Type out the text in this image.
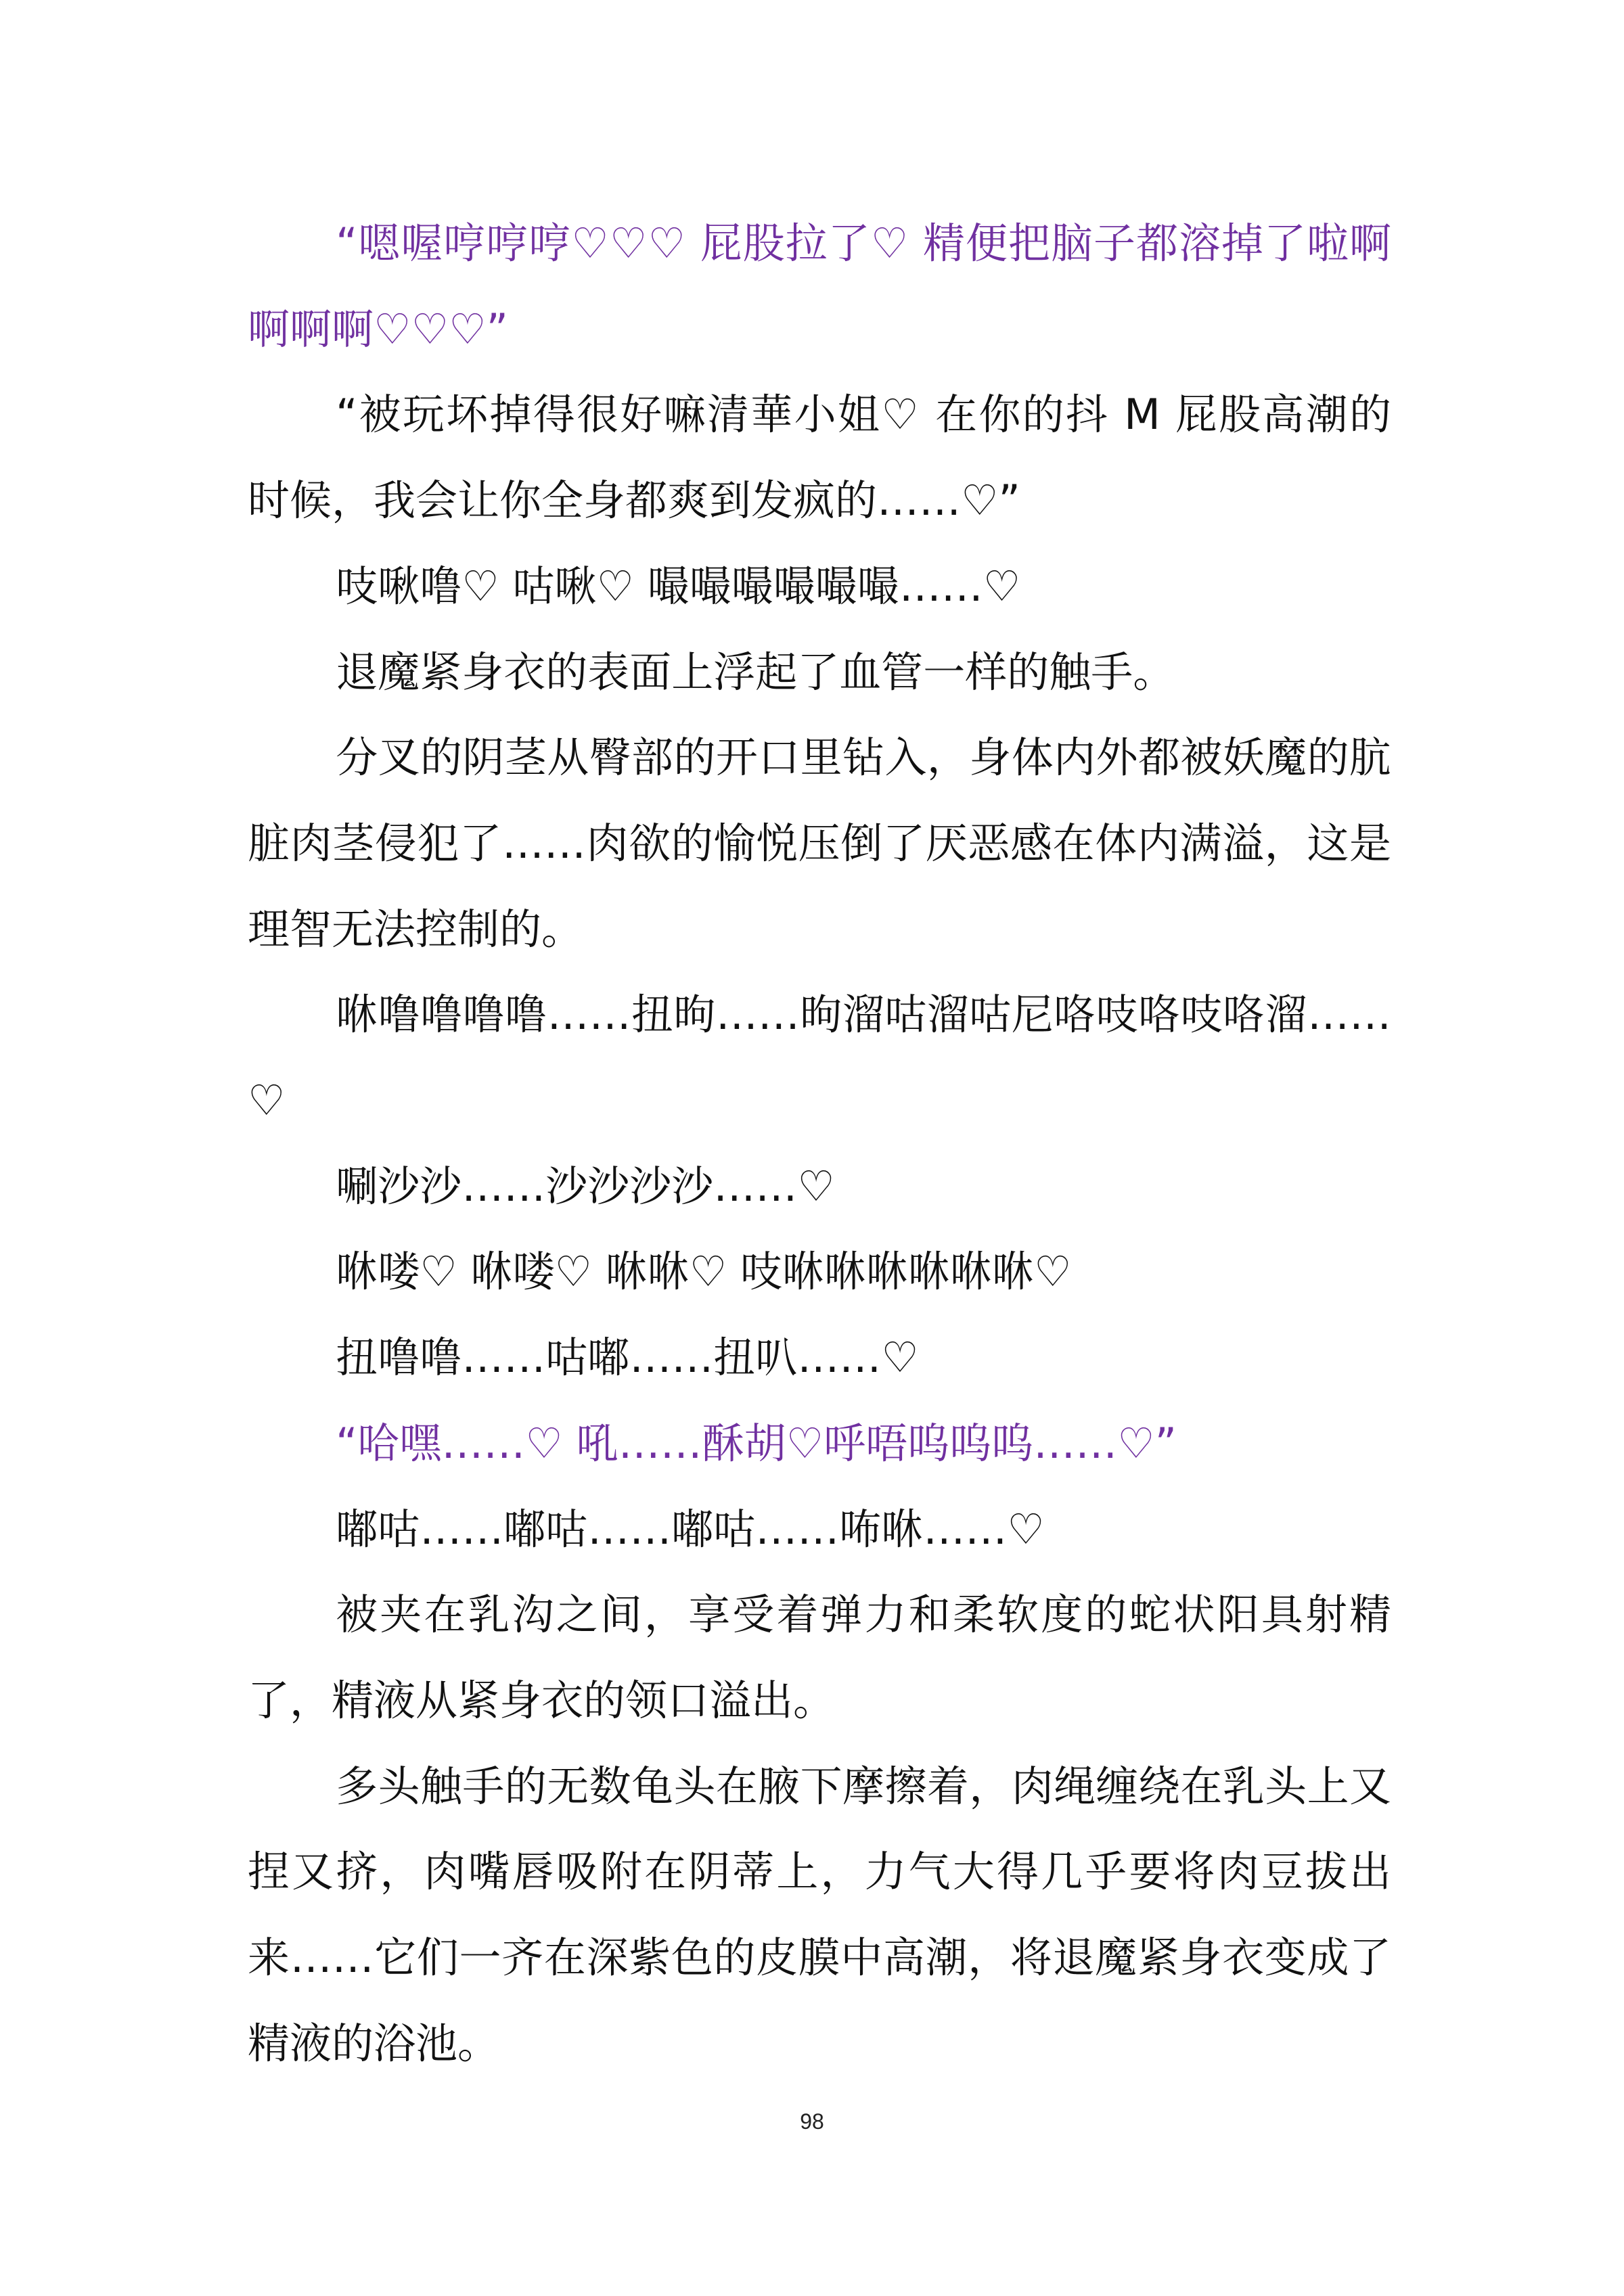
“嗯喔哼哼哼♡♡♡ 屁股拉了♡ 精便把脑子都溶掉了啦啊啊啊啊♡♡♡”

“被玩坏掉得很好嘛清華小姐♡ 在你的抖 M 屁股高潮的时候，我会让你全身都爽到发疯的……♡”

吱啾噜♡ 咕啾♡ 嘬嘬嘬嘬嘬嘬……♡

退魔紧身衣的表面上浮起了血管一样的触手。

分叉的阴茎从臀部的开口里钻入，身体内外都被妖魔的肮脏肉茎侵犯了……肉欲的愉悦压倒了厌恶感在体内满溢，这是理智无法控制的。

咻噜噜噜噜……扭昫……昫溜咕溜咕尼咯吱咯吱咯溜……♡

唰沙沙……沙沙沙沙……♡

咻喽♡ 咻喽♡ 咻咻♡ 吱咻咻咻咻咻咻♡

扭噜噜……咕嘟……扭叭……♡

“哈嘿……♡ 吼……酥胡♡呼唔呜呜呜……♡”

嘟咕……嘟咕……嘟咕……咘咻……♡

被夹在乳沟之间，享受着弹力和柔软度的蛇状阳具射精了，精液从紧身衣的领口溢出。

多头触手的无数龟头在腋下摩擦着，肉绳缠绕在乳头上又捏又挤，肉嘴唇吸附在阴蒂上，力气大得几乎要将肉豆拔出来……它们一齐在深紫色的皮膜中高潮，将退魔紧身衣变成了精液的浴池。

98
